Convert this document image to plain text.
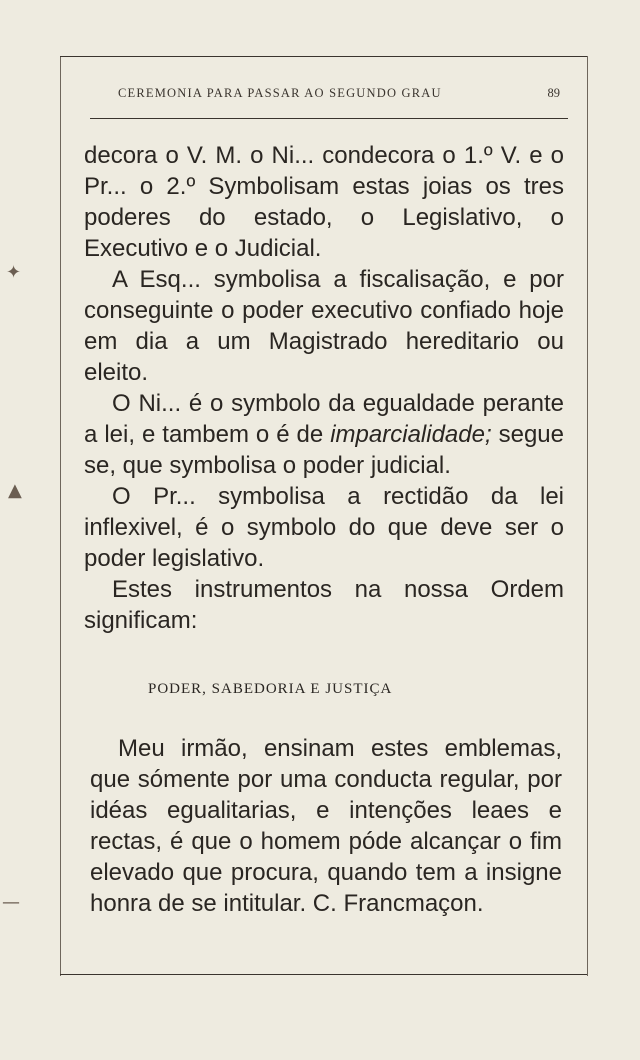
CEREMONIA PARA PASSAR AO SEGUNDO GRAU	89

decora o V. M. o Ni... condecora o 1.º V. e o Pr... o 2.º Symbolisam estas joias os tres poderes do estado, o Legislativo, o Executivo e o Judicial.

A Esq... symbolisa a fiscalisação, e por conseguinte o poder executivo confiado hoje em dia a um Magistrado hereditario ou eleito.

O Ni... é o symbolo da egualdade perante a lei, e tambem o é de imparcialidade; segue se, que symbolisa o poder judicial.

O Pr... symbolisa a rectidão da lei inflexivel, é o symbolo do que deve ser o poder legislativo.

Estes instrumentos na nossa Ordem significam:

PODER, SABEDORIA E JUSTIÇA

Meu irmão, ensinam estes emblemas, que sómente por uma conducta regular, por idéas egualitarias, e intenções leaes e rectas, é que o homem póde alcançar o fim elevado que procura, quando tem a insigne honra de se intitular. C. Francmaçon.

✦
▲
—
